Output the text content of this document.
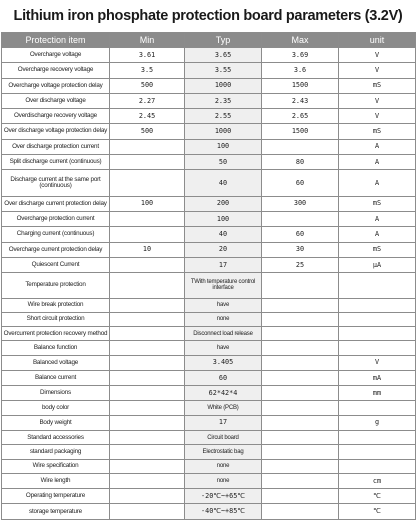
Lithium iron phosphate protection board parameters (3.2V)
Protection item	Min	Typ	Max	unit
Overcharge voltage	3.61	3.65	3.69	V
Overcharge recovery voltage	3.5	3.55	3.6	V
Overcharge voltage protection delay	500	1000	1500	mS
Over discharge voltage	2.27	2.35	2.43	V
Overdischarge recovery voltage	2.45	2.55	2.65	V
Over discharge voltage protection delay	500	1000	1500	mS
Over discharge protection current		100		A
Split discharge current (continuous)		50	80	A
Discharge current at the same port (continuous)		40	60	A
Over discharge current protection delay	100	200	300	mS
Overcharge protection current		100		A
Charging current (continuous)		40	60	A
Overcharge current protection delay	10	20	30	mS
Quiescent Current		17	25	μA
Temperature protection		TWith temperature control interface		
Wire break protection		have		
Short circuit protection		none		
Overcurrent protection recovery method		Disconnect load release		
Balance function		have		
Balanced voltage		3.405		V
Balance current		60		mA
Dimensions		62*42*4		mm
body color		White (PCB)		
Body weight		17		g
Standard accessories		Circuit board		
standard packaging		Electrostatic bag		
Wire specification		none		
Wire length		none		cm
Operating temperature		-20℃~+65℃		℃
storage temperature		-40℃~+85℃		℃
